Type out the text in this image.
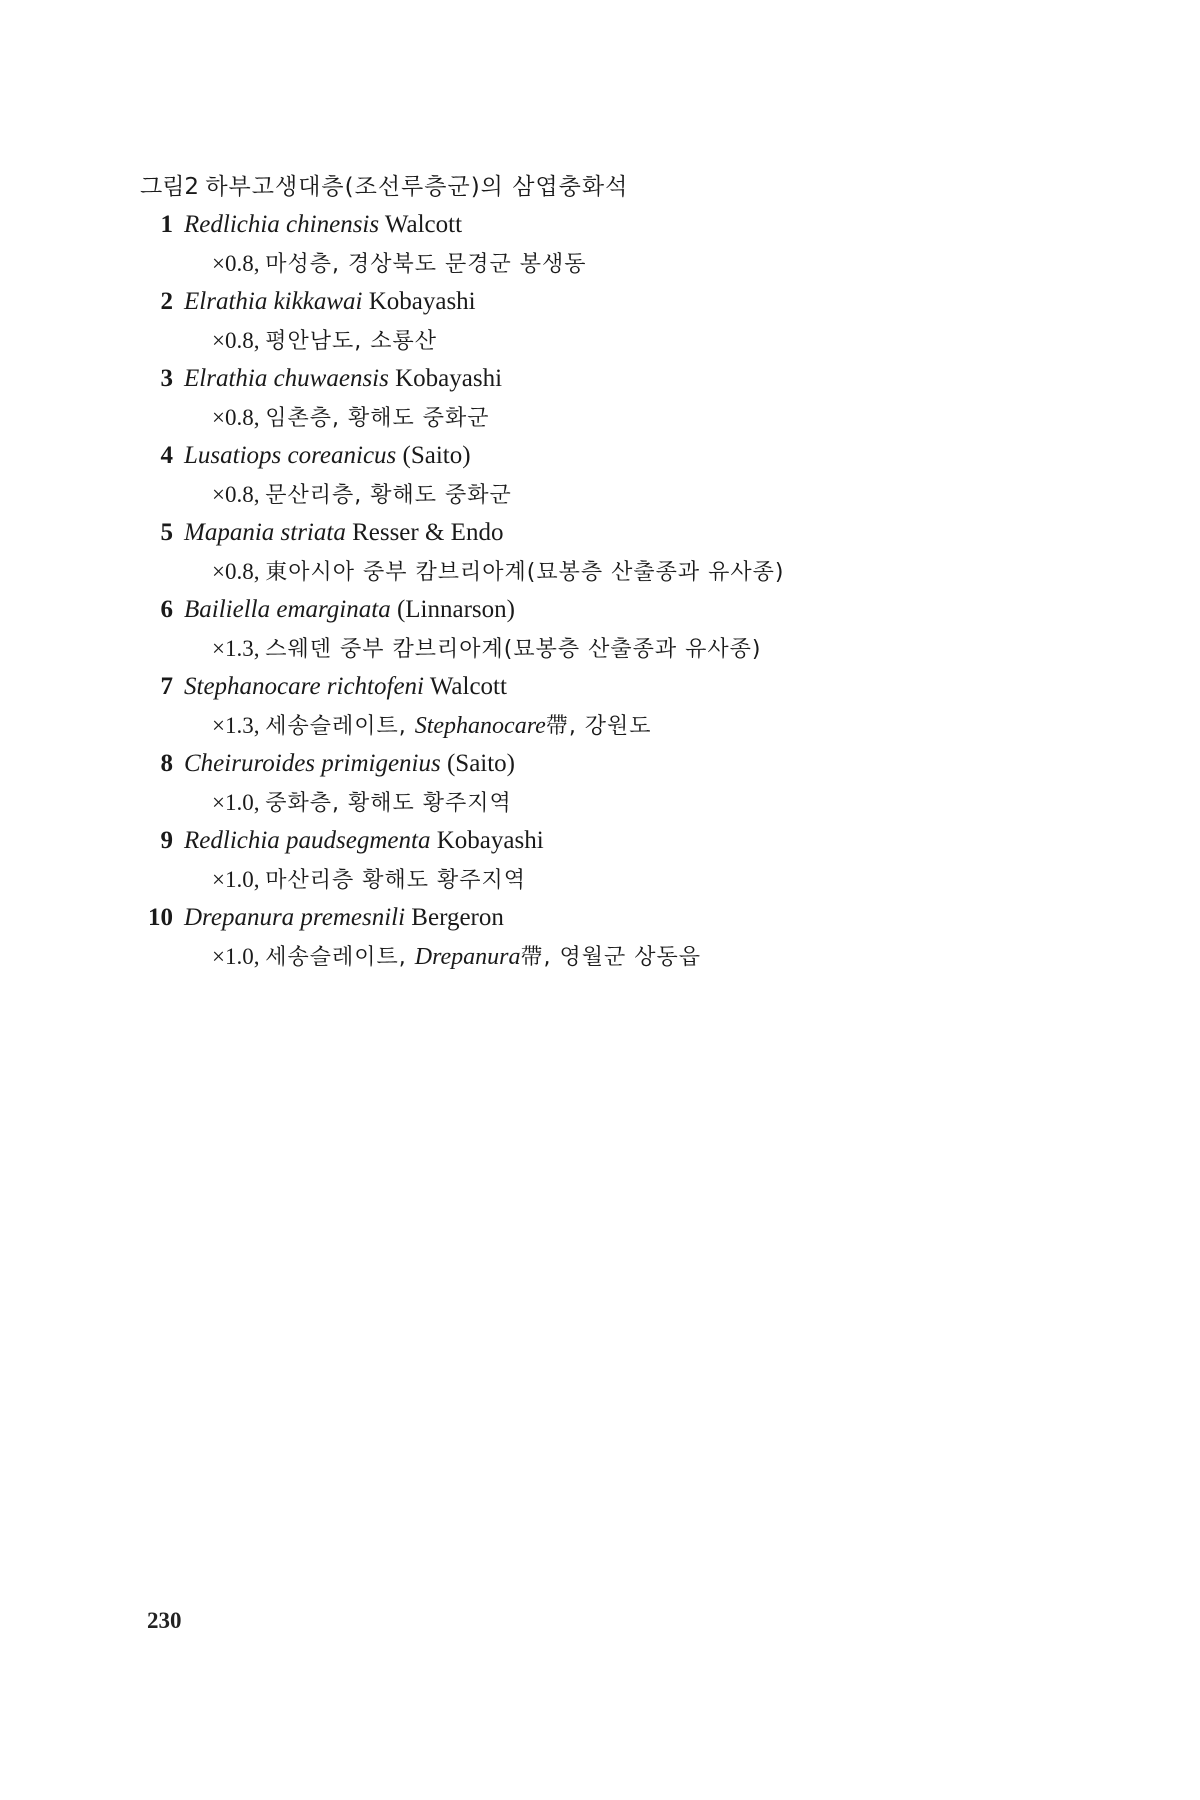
그림2 하부고생대층(조선루층군)의 삼엽충화석

1 Redlichia chinensis Walcott
×0.8, 마성층, 경상북도 문경군 봉생동
2 Elrathia kikkawai Kobayashi
×0.8, 평안남도, 소룡산
3 Elrathia chuwaensis Kobayashi
×0.8, 임촌층, 황해도 중화군
4 Lusatiops coreanicus (Saito)
×0.8, 문산리층, 황해도 중화군
5 Mapania striata Resser & Endo
×0.8, 東아시아 중부 캄브리아계(묘봉층 산출종과 유사종)
6 Bailiella emarginata (Linnarson)
×1.3, 스웨덴 중부 캄브리아계(묘봉층 산출종과 유사종)
7 Stephanocare richtofeni Walcott
×1.3, 세송슬레이트, Stephanocare帶, 강원도
8 Cheiruroides primigenius (Saito)
×1.0, 중화층, 황해도 황주지역
9 Redlichia paudsegmenta Kobayashi
×1.0, 마산리층 황해도 황주지역
10 Drepanura premesnili Bergeron
×1.0, 세송슬레이트, Drepanura帶, 영월군 상동읍
230
